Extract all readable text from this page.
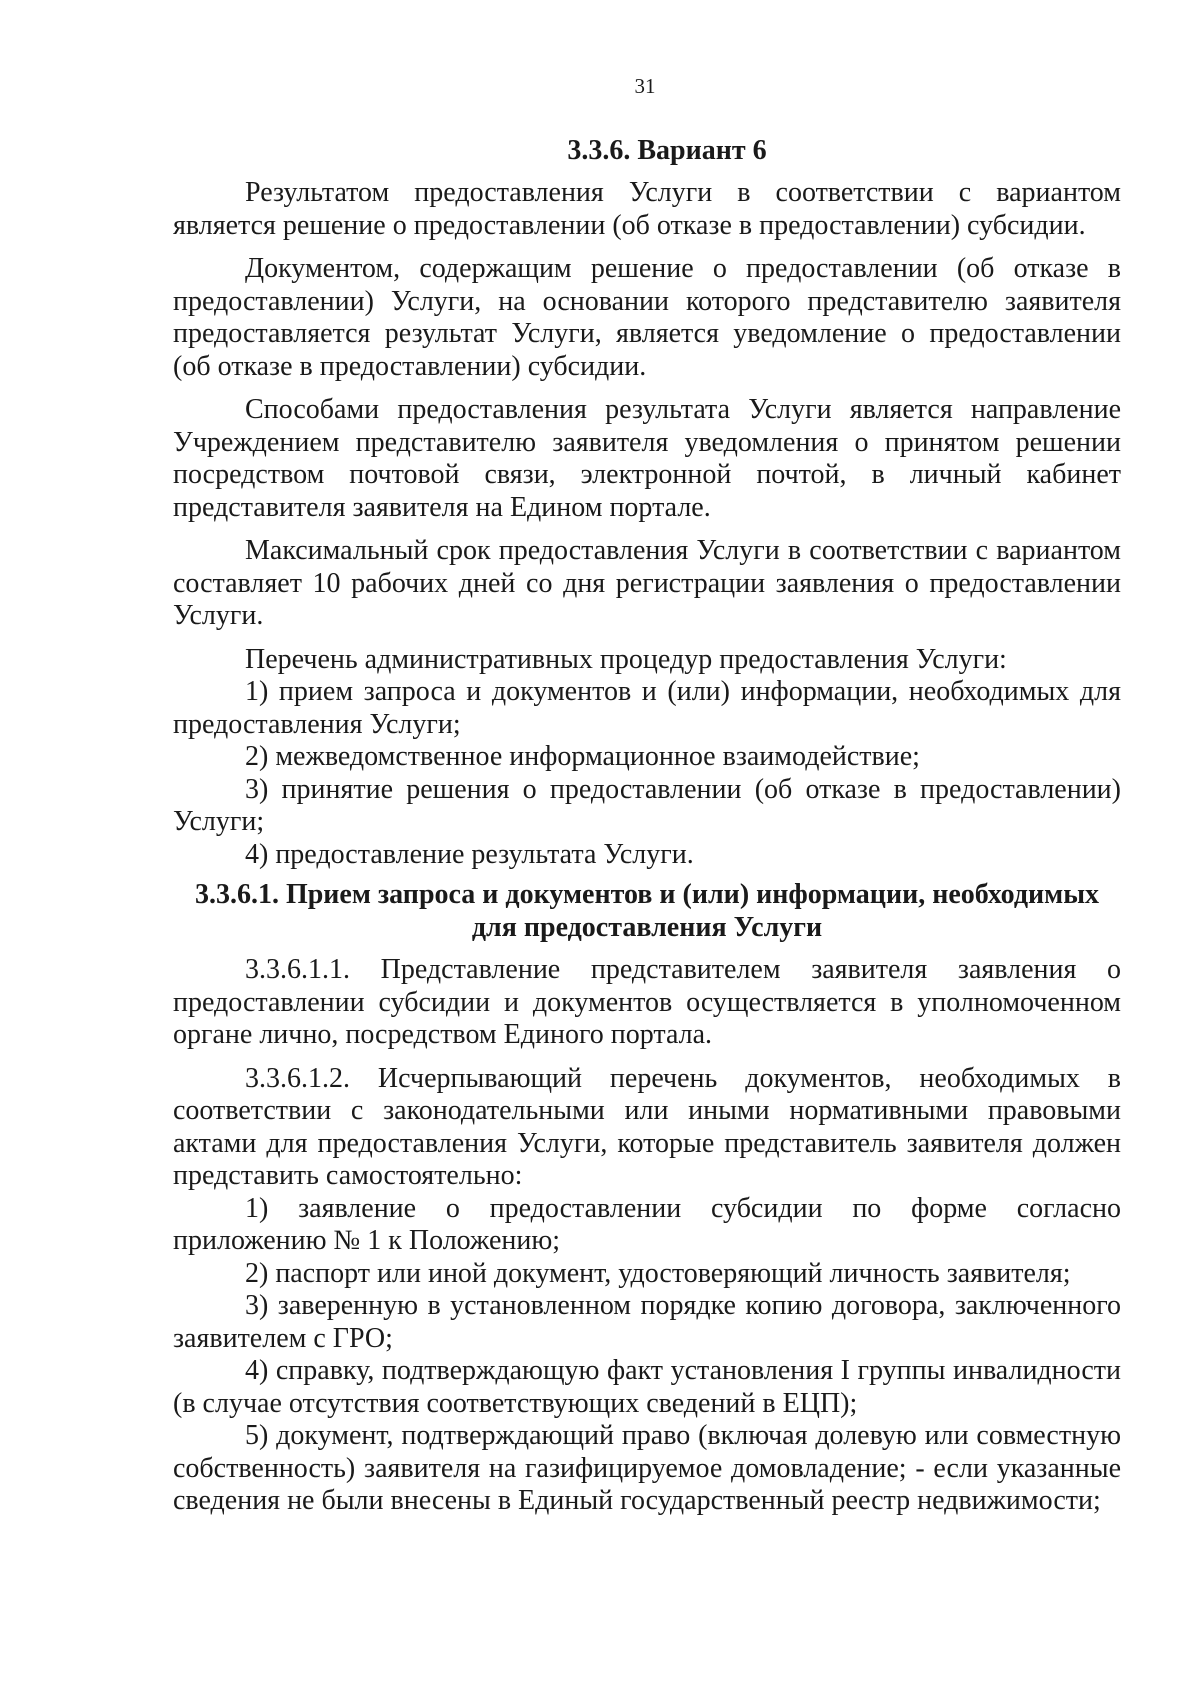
31
3.3.6. Вариант 6

Результатом предоставления Услуги в соответствии с вариантом является решение о предоставлении (об отказе в предоставлении) субсидии.

Документом, содержащим решение о предоставлении (об отказе в предоставлении) Услуги, на основании которого представителю заявителя предоставляется результат Услуги, является уведомление о предоставлении (об отказе в предоставлении) субсидии.

Способами предоставления результата Услуги является направление Учреждением представителю заявителя уведомления о принятом решении посредством почтовой связи, электронной почтой, в личный кабинет представителя заявителя на Едином портале.

Максимальный срок предоставления Услуги в соответствии с вариантом составляет 10 рабочих дней со дня регистрации заявления о предоставлении Услуги.

Перечень административных процедур предоставления Услуги:

1) прием запроса и документов и (или) информации, необходимых для предоставления Услуги;

2) межведомственное информационное взаимодействие;

3) принятие решения о предоставлении (об отказе в предоставлении) Услуги;

4) предоставление результата Услуги.

3.3.6.1. Прием запроса и документов и (или) информации, необходимых для предоставления Услуги

3.3.6.1.1. Представление представителем заявителя заявления о предоставлении субсидии и документов осуществляется в уполномоченном органе лично, посредством Единого портала.

3.3.6.1.2. Исчерпывающий перечень документов, необходимых в соответствии с законодательными или иными нормативными правовыми актами для предоставления Услуги, которые представитель заявителя должен представить самостоятельно:

1) заявление о предоставлении субсидии по форме согласно приложению № 1 к Положению;

2) паспорт или иной документ, удостоверяющий личность заявителя;

3) заверенную в установленном порядке копию договора, заключенного заявителем с ГРО;

4) справку, подтверждающую факт установления I группы инвалидности (в случае отсутствия соответствующих сведений в ЕЦП);

5) документ, подтверждающий право (включая долевую или совместную собственность) заявителя на газифицируемое домовладение; - если указанные сведения не были внесены в Единый государственный реестр недвижимости;
